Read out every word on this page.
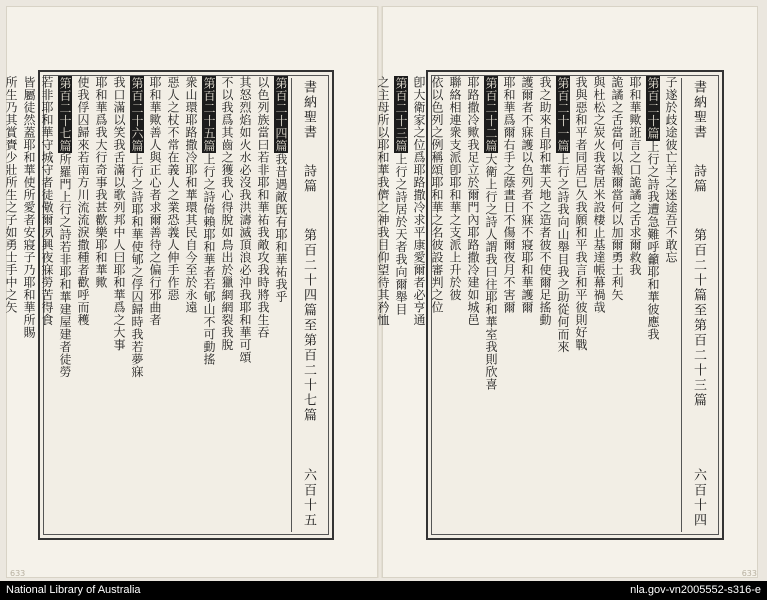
第百二十四篇我昔遇敵旣有耶和華祐我乎
以色列族當曰若非耶和華祐我敵攻我時將我生吞
其怒烈焰如火水必沒我洪濤滅頂浪必沖我耶和華可頌
不以我爲其齒之獲我心得脫如鳥出於獵網網裂我脫
第百二十五篇上行之詩倚賴耶和華者若郇山不可動搖
衆山環耶路撒冷耶和華環其民自今至於永遠
惡人之杖不常在義人之業恐義人伸手作惡
耶和華歟善人與正心者求爾善待之偏行邪曲者
第百二十六篇上行之詩耶和華使郇之俘囚歸時我若夢寐
我口滿以笑我舌滿以歌列邦中人曰耶和華爲之大事
耶和華爲我大行奇事我甚歡樂耶和華歟
使我俘囚歸來若南方川流流淚撒種者歡呼而穫
第百二十七篇所羅門上行之詩若非耶和華建屋建者徒勞
若非耶和華守城守者徒儆爾夙興夜寐勞苦得食
皆屬徒然蓋耶和華使所愛者安寢子乃耶和華所賜
所生乃其賞賚少壯所生之子如勇士手中之矢	書納聖書
詩篇
第百二十四篇至第百二十七篇
六百十五
子遂於歧途彼亡羊之迷途吾不敢忘
第百二十篇上行之詩我遭急難呼籲耶和華彼應我
耶和華歟誑言之口詭譎之舌求爾救我
詭譎之舌當何以報爾當何以加爾勇士利矢
與杜松之炭火我寄居米設棲止基達帳幕禍哉
我與惡和平者同居已久我願和平我言和平彼則好戰
第百二十一篇上行之詩我向山舉目我之助從何而來
我之助來自耶和華天地之造者彼不使爾足搖動
護爾者不寐護以色列者不寐不寢耶和華護爾
耶和華爲爾右手之蔭晝日不傷爾夜月不害爾
第百二十二篇大衛上行之詩人謂我曰往耶和華室我則欣喜
耶路撒冷歟我足立於爾門內耶路撒冷建如城邑
聯絡相連衆支派卽耶和華之支派上升於彼
依以色列之例稱頌耶和華之名彼設審判之位
卽大衛家之位爲耶路撒冷求平康愛爾者必亨通
第百二十三篇上行之詩居於天者我向爾舉目
之主母所以耶和華我儕之神我目仰望待其矜恤	書納聖書
詩篇
第百二十篇至第百二十三篇
六百十四
633	633
National Library of Australia	nla.gov-vn2005552-s316-e
